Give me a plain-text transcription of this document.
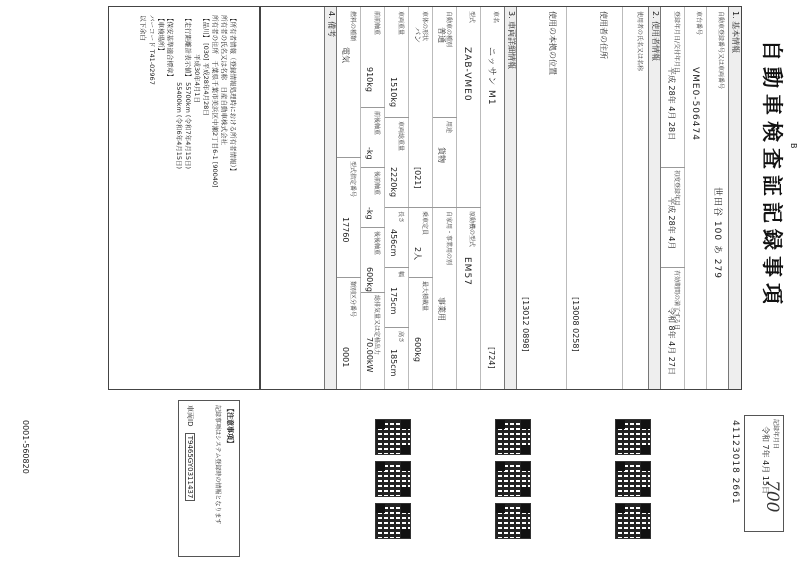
B
自動車検査証記録事項
700
記録年月日
令和 7年 4月 15日
41123018 2661
1. 基本情報
自動車登録番号又は車両番号
世田谷 100 あ 279
車台番号
VME0-506474
登録年月日/交付年月日
平成 28年 4月 28日
初度登録年月
平成 28年 4月
有効期間の満了する日
令和 8年 4月 27日
2. 使用者情報
使用者の氏名又は名称
使用者の住所
[13008 0258]
使用の本拠の位置
[13012 0898]
3. 車両詳細情報
車名
ニッサン M1
[724]
型式
ZAB-VME0
原動機の型式
EM57
自動車の種別
普通
用途
貨物
自家用・事業用の別
事業用
車体の形状
バン
[021]
乗車定員
2人
最大積載量
600kg
車両重量
1510kg
車両総重量
2220kg
長さ
456cm
幅
175cm
高さ
185cm
前前軸重
910kg
前後軸重
-kg
後前軸重
-kg
後後軸重
600kg
総排気量又は定格出力
70.00kW
燃料の種類
電気
型式指定番号
17760
類別区分番号
0001
4. 備考
【所有者情報（登録情報処理時における所有者情報）】
所有者の氏名又は名称　日産自動車株式会社
所有者の住所　千葉県千葉市美浜区中瀬2丁目6-1 [90040]
【品川】 [030] 平成28年4月28日
　　　　　　平成30年4月1日
【走行距離計表示値】 55700km (令和7年4月15日)
　　　　　　　　　　 55400km (令和6年4月15日)
【保安基準適合標章】
【車検場所】
バーコード T41-02967
以下余白
【注意事項】
記録事項はシステム登録時の情報となります
車両ID T9465GY0311437
0001-560820
